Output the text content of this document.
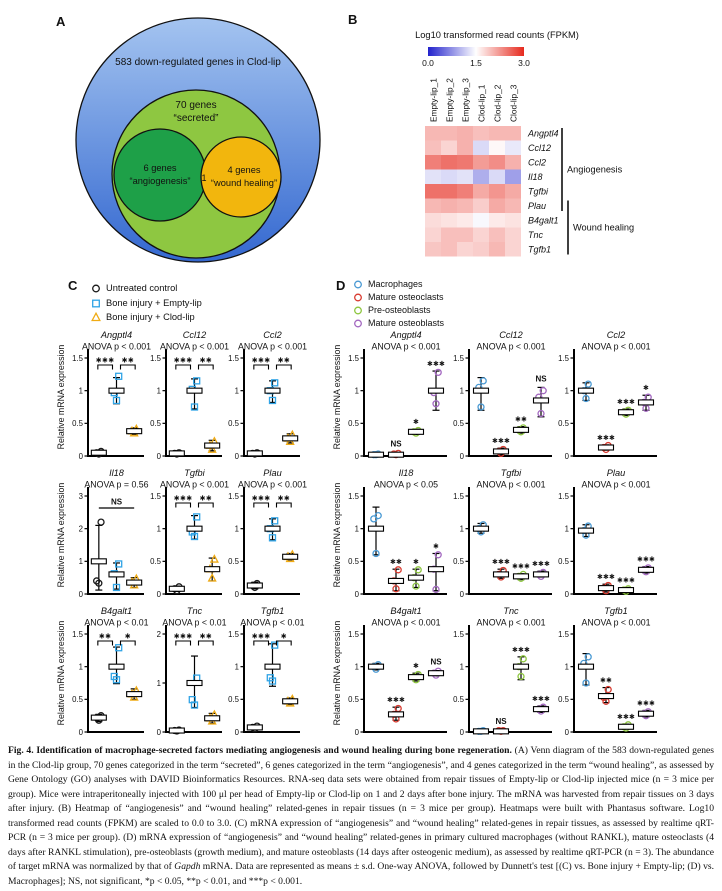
A
583 down-regulated genes in Clod-lip
70 genes
“secreted”
6 genes
“angiogenesis”
4 genes
“wound healing”
1
B
Log10 transformed read counts (FPKM)
0.0	1.5	3.0
Empty-lip_1 Empty-lip_2 Empty-lip_3 Clod-lip_1 Clod-lip_2 Clod-lip_3
Angptl4
Ccl12
Ccl2
Il18
Tgfbi
Plau
B4galt1
Tnc
Tgfb1
Angiogenesis
Wound healing
C	Untreated control
Bone injury + Empty-lip
Bone injury + Clod-lip
Relative mRNA expression
Angptl4
ANOVA p < 0.001
0
0.5
1
1.5 ✱✱✱ ✱✱
Ccl12
ANOVA p < 0.001
0
0.5
1
1.5 ✱✱✱ ✱✱
Ccl2
ANOVA p < 0.001
0
0.5
1
1.5 ✱✱✱ ✱✱
Relative mRNA expression
Il18
ANOVA p = 0.56
0
1
2
3
NS
Tgfbi
ANOVA p < 0.001
0
0.5
1
1.5 ✱✱✱ ✱✱
Plau
ANOVA p < 0.001
0
0.5
1
1.5 ✱✱✱ ✱✱
Relative mRNA expression
B4galt1
ANOVA p < 0.01
0
0.5
1
1.5 ✱✱ ✱
Tnc
ANOVA p < 0.01
0
1
2 ✱✱✱ ✱✱
Tgfb1
ANOVA p < 0.01
0
0.5
1
1.5 ✱✱✱ ✱
D	Macrophages
Mature osteoclasts
Pre-osteoblasts
Mature osteoblasts
Relative mRNA expression
Angptl4
ANOVA p < 0.001
0
0.5
1
1.5
NS
✱
✱✱✱
Ccl12
ANOVA p < 0.001
0
0.5
1
1.5
✱✱✱
✱✱
NS
Ccl2
ANOVA p < 0.001
0
0.5
1
1.5
✱✱✱
✱✱✱
✱
Relative mRNA expression
Il18
ANOVA p < 0.05
0
0.5
1
1.5
✱✱ ✱
✱
Tgfbi
ANOVA p < 0.001
0
0.5
1
1.5
✱✱✱
✱✱✱ ✱✱✱
Plau
ANOVA p < 0.001
0
0.5
1
1.5
✱✱✱ ✱✱✱
✱✱✱
Relative mRNA expression
B4galt1
ANOVA p < 0.001
0
0.5
1
1.5
✱✱✱
✱
NS
Tnc
ANOVA p < 0.001
0
0.5
1
1.5
NS
✱✱✱
✱✱✱
Tgfb1
ANOVA p < 0.001
0
0.5
1
1.5
✱✱
✱✱✱
✱✱✱
Fig. 4. Identification of macrophage-secreted factors mediating angiogenesis and wound healing during bone regeneration. (A) Venn diagram of the 583 down-regulated genes in the Clod-lip group, 70 genes categorized in the term “secreted”, 6 genes categorized in the term “angiogenesis”, and 4 genes categorized in the term “wound healing”, as assessed by Gene Ontology (GO) analyses with DAVID Bioinformatics Resources. RNA-seq data sets were obtained from repair tissues of Empty-lip or Clod-lip injected mice (n = 3 mice per group). Mice were intraperitoneally injected with 100 μl per head of Empty-lip or Clod-lip on 1 and 2 days after bone injury. The mRNA was harvested from repair tissues on 3 days after injury. (B) Heatmap of “angiogenesis” and “wound healing” related-genes in repair tissues (n = 3 mice per group). Heatmaps were built with Phantasus software. Log10 transformed read counts (FPKM) are scaled to 0.0 to 3.0. (C) mRNA expression of “angiogenesis” and “wound healing” related-genes in repair tissues, as assessed by realtime qRT-PCR (n = 3 mice per group). (D) mRNA expression of “angiogenesis” and “wound healing” related-genes in primary cultured macrophages (without RANKL), mature osteoclasts (4 days after RANKL stimulation), pre-osteoblasts (growth medium), and mature osteoblasts (14 days after osteogenic medium), as assessed by realtime qRT-PCR (n = 3). The abundance of target mRNA was normalized by that of Gapdh mRNA. Data are represented as means ± s.d. One-way ANOVA, followed by Dunnett's test [(C) vs. Bone injury + Empty-lip; (D) vs. Macrophages]; NS, not significant, *p < 0.05, **p < 0.01, and ***p < 0.001.
